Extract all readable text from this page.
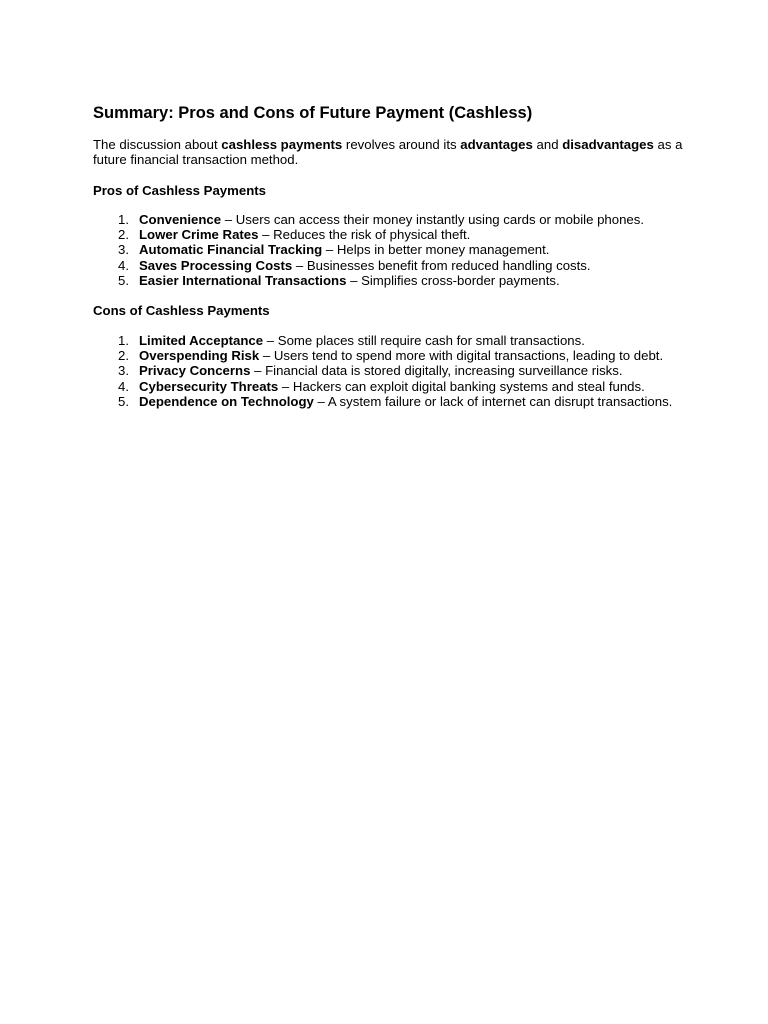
Summary: Pros and Cons of Future Payment (Cashless)

The discussion about cashless payments revolves around its advantages and disadvantages as a future financial transaction method.

Pros of Cashless Payments
1. Convenience – Users can access their money instantly using cards or mobile phones.
2. Lower Crime Rates – Reduces the risk of physical theft.
3. Automatic Financial Tracking – Helps in better money management.
4. Saves Processing Costs – Businesses benefit from reduced handling costs.
5. Easier International Transactions – Simplifies cross-border payments.
Cons of Cashless Payments
1. Limited Acceptance – Some places still require cash for small transactions.
2. Overspending Risk – Users tend to spend more with digital transactions, leading to debt.
3. Privacy Concerns – Financial data is stored digitally, increasing surveillance risks.
4. Cybersecurity Threats – Hackers can exploit digital banking systems and steal funds.
5. Dependence on Technology – A system failure or lack of internet can disrupt transactions.
